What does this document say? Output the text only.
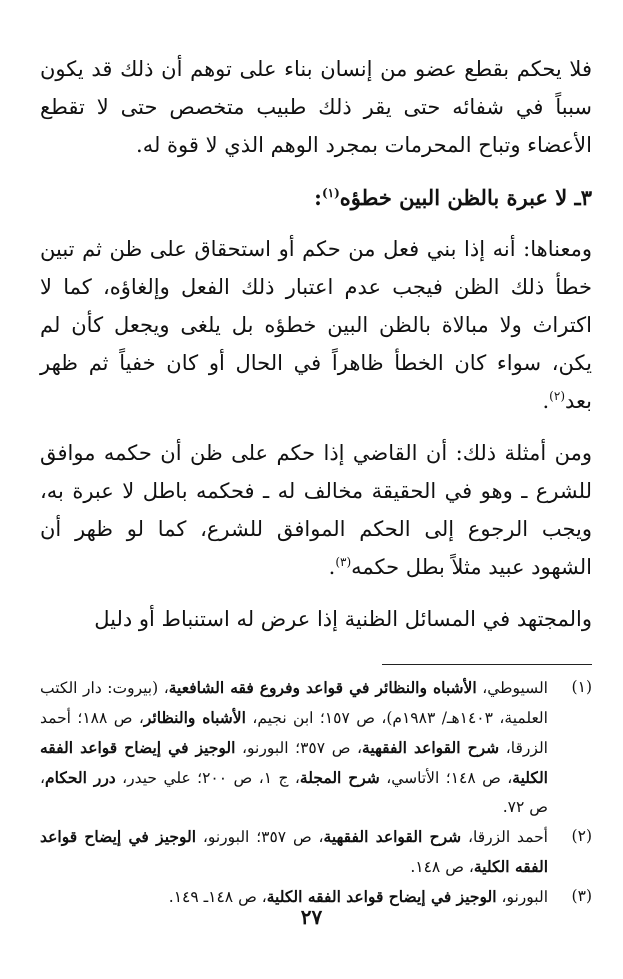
فلا يحكم بقطع عضو من إنسان بناء على توهم أن ذلك قد يكون سبباً في شفائه حتى يقر ذلك طبيب متخصص حتى لا تقطع الأعضاء وتباح المحرمات بمجرد الوهم الذي لا قوة له.

٣ـ لا عبرة بالظن البين خطؤه$^{(١)}$:

ومعناها: أنه إذا بني فعل من حكم أو استحقاق على ظن ثم تبين خطأ ذلك الظن فيجب عدم اعتبار ذلك الفعل وإلغاؤه، كما لا اكتراث ولا مبالاة بالظن البين خطؤه بل يلغى ويجعل كأن لم يكن، سواء كان الخطأ ظاهراً في الحال أو كان خفياً ثم ظهر بعد$^{(٢)}$.

ومن أمثلة ذلك: أن القاضي إذا حكم على ظن أن حكمه موافق للشرع ـ وهو في الحقيقة مخالف له ـ فحكمه باطل لا عبرة به، ويجب الرجوع إلى الحكم الموافق للشرع، كما لو ظهر أن الشهود عبيد مثلاً بطل حكمه$^{(٣)}$.

والمجتهد في المسائل الظنية إذا عرض له استنباط أو دليل

(١)
السيوطي، الأشباه والنظائر في قواعد وفروع فقه الشافعية، (بيروت: دار الكتب العلمية، ١٤٠٣هـ/ ١٩٨٣م)، ص ١٥٧؛ ابن نجيم، الأشباه والنظائر، ص ١٨٨؛ أحمد الزرقا، شرح القواعد الفقهية، ص ٣٥٧؛ البورنو، الوجيز في إيضاح قواعد الفقه الكلية، ص ١٤٨؛ الأتاسي، شرح المجلة، ج ١، ص ٢٠٠؛ علي حيدر، درر الحكام، ص ٧٢.
(٢)
أحمد الزرقا، شرح القواعد الفقهية، ص ٣٥٧؛ البورنو، الوجيز في إيضاح قواعد الفقه الكلية، ص ١٤٨.
(٣)
البورنو، الوجيز في إيضاح قواعد الفقه الكلية، ص ١٤٨ـ ١٤٩.
٢٧
